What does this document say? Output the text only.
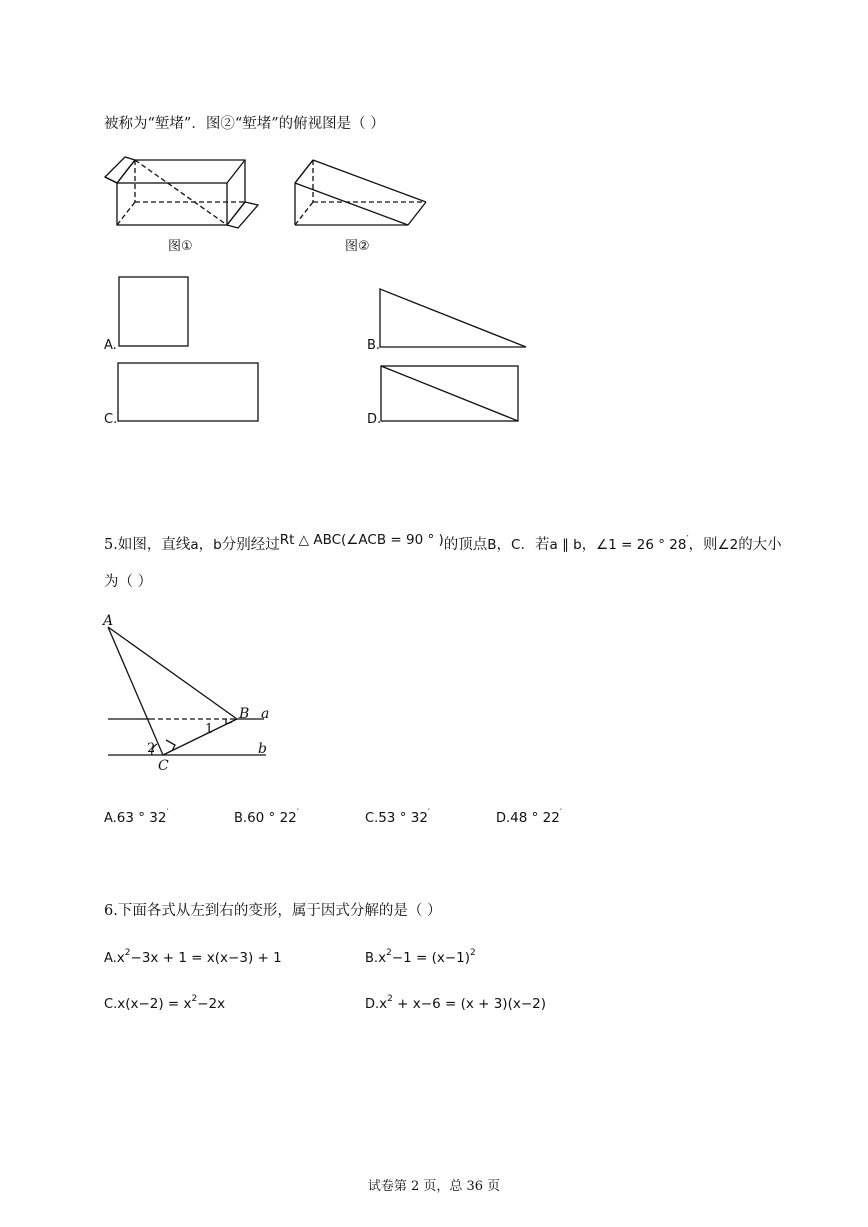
被称为“堑堵”．图②“堑堵”的俯视图是（ ）
图①	图②
A.	B.
C.	D.
5.如图，直线a，b分别经过Rt △ ABC(∠ACB = 90 ° )的顶点B，C．若a ∥ b，∠1 = 26 ° 28′，则∠2的大小
为（ ）
A
B
C
a
b
1
2
A.63 ° 32′	B.60 ° 22′	C.53 ° 32′	D.48 ° 22′
6.下面各式从左到右的变形，属于因式分解的是（ ）
$A.x^2-3x + 1 = x(x-3) + 1$	$B.x^2-1 = (x-1)^2$
$C.x(x-2) = x^2-2x$	$D.x^2 + x-6 = (x + 3)(x-2)$
试卷第 2 页，总 36 页
